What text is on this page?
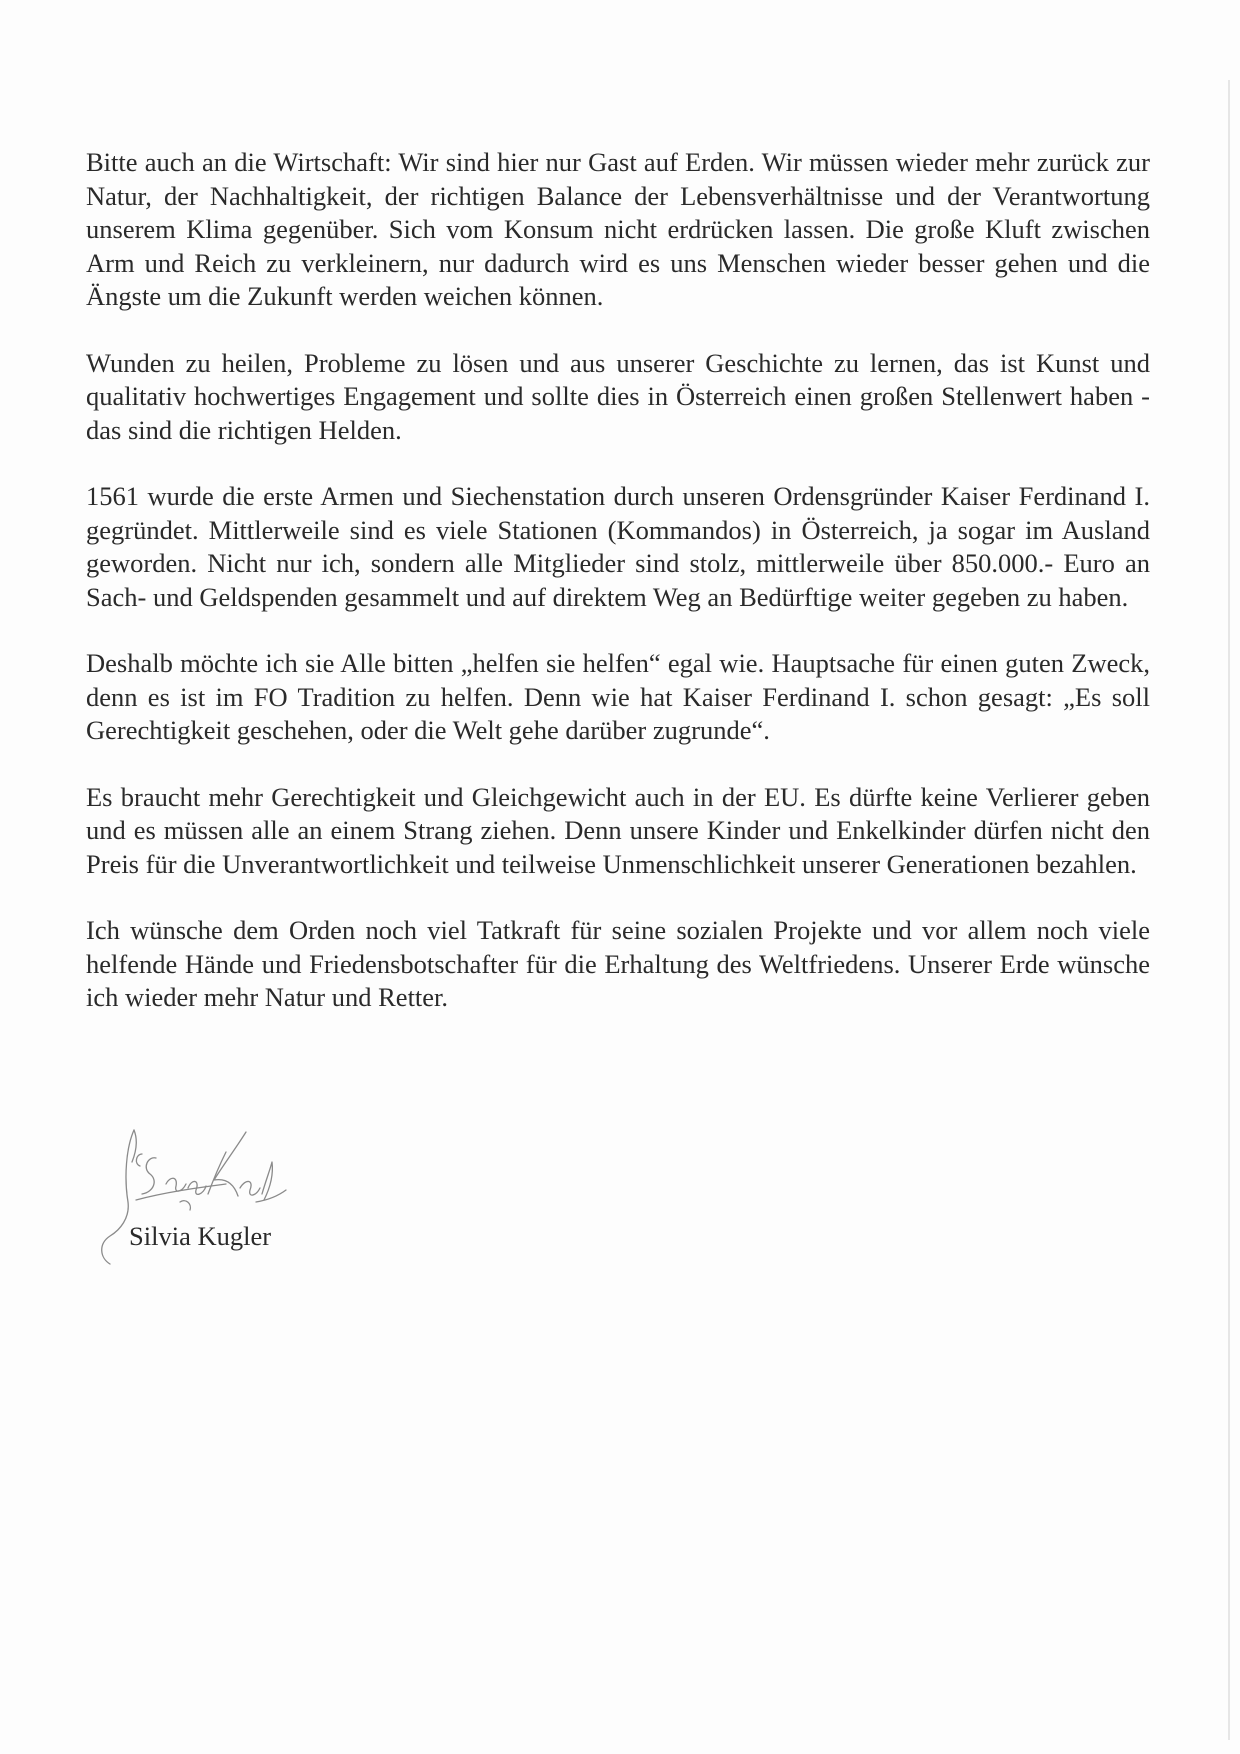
Bitte auch an die Wirtschaft: Wir sind hier nur Gast auf Erden. Wir müssen wieder mehr zurück zur Natur, der Nachhaltigkeit, der richtigen Balance der Lebensverhältnisse und der Verantwortung unserem Klima gegenüber. Sich vom Konsum nicht erdrücken lassen. Die große Kluft zwischen Arm und Reich zu verkleinern, nur dadurch wird es uns Menschen wieder besser gehen und die Ängste um die Zukunft werden weichen können.

Wunden zu heilen, Probleme zu lösen und aus unserer Geschichte zu lernen, das ist Kunst und qualitativ hochwertiges Engagement und sollte dies in Österreich einen großen Stellenwert haben - das sind die richtigen Helden.

1561 wurde die erste Armen und Siechenstation durch unseren Ordensgründer Kaiser Ferdinand I. gegründet. Mittlerweile sind es viele Stationen (Kommandos) in Österreich, ja sogar im Ausland geworden. Nicht nur ich, sondern alle Mitglieder sind stolz, mittlerweile über 850.000.- Euro an Sach- und Geldspenden gesammelt und auf direktem Weg an Bedürftige weiter gegeben zu haben.

Deshalb möchte ich sie Alle bitten „helfen sie helfen“ egal wie. Hauptsache für einen guten Zweck, denn es ist im FO Tradition zu helfen. Denn wie hat Kaiser Ferdinand I. schon gesagt: „Es soll Gerechtigkeit geschehen, oder die Welt gehe darüber zugrunde“.

Es braucht mehr Gerechtigkeit und Gleichgewicht auch in der EU. Es dürfte keine Verlierer geben und es müssen alle an einem Strang ziehen. Denn unsere Kinder und Enkelkinder dürfen nicht den Preis für die Unverantwortlichkeit und teilweise Unmenschlichkeit unserer Generationen bezahlen.

Ich wünsche dem Orden noch viel Tatkraft für seine sozialen Projekte und vor allem noch viele helfende Hände und Friedensbotschafter für die Erhaltung des Weltfriedens. Unserer Erde wünsche ich wieder mehr Natur und Retter.

Silvia Kugler
